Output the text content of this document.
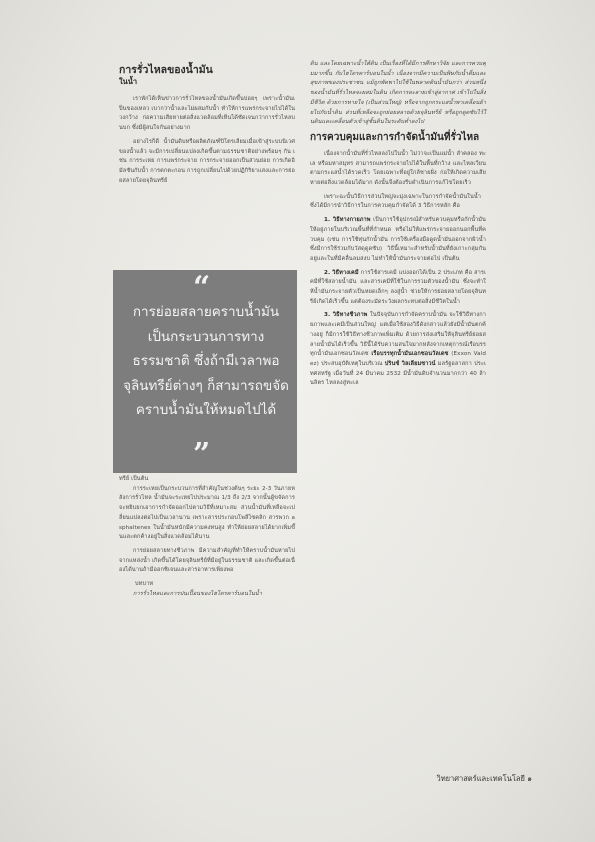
การรั่วไหลของน้ำมัน

ในน้ำ

เราพักได้เห็นข่าวการรั่วไหลของน้ำมันเกิดขึ้นบ่อยๆ เพราะน้ำมันเป็นของเหลว เบากว่าน้ำและไม่ผสมกับน้ำ ทำให้การแพร่กระจายไปได้ในวงกว้าง ก่อความเสียหายต่อสิ่งแวดล้อมที่เห็นได้ชัดเจนกว่าการรั่วไหลบนบก ซึ่งมีผู้สนใจกันอย่างมาก

อย่างไรก็ดี น้ำมันดิบหรือผลิตภัณฑ์ปิโตรเลียมเมื่อเข้าสู่ระบบนิเวศของน้ำแล้ว จะมีการเปลี่ยนแปลงเกิดขึ้นตามธรรมชาติอย่างพร้อมๆ กัน เช่น การระเหย การแพร่กระจาย การกระจายออกเป็นส่วนย่อย การเกิดอิมัลชันกับน้ำ การตกตะกอน การถูกเปลี่ยนไปด้วยปฏิกิริยาแสงและการย่อยสลายโดยจุลินทรีย์

“

การย่อยสลายคราบน้ำมันเป็นกระบวนการทางธรรมชาติ ซึ่งถ้ามีเวลาพอจุลินทรีย์ต่างๆ ก็สามารถขจัดคราบน้ำมันให้หมดไปได้

”

ทรีย์ เป็นต้น

การระเหยเป็นกระบวนการที่สำคัญในช่วงต้นๆ ระยะ 2-3 วันภายหลังการรั่วไหล น้ำมันจะระเหยไปประมาณ 1/3 ถึง 2/3 จากนั้นผู้ขจัดการจะหยิบยกเอาการกำจัดออกไปตามวิธีที่เหมาะสม ส่วนน้ำมันที่เหลือจะเปลี่ยนแปลงต่อไปเป็นเวลานาน เพราะสารประกอบโพลีไซคลิก สารพวก asphaltenes ในน้ำมันหนักมีความคงทนสูง ทำให้ย่อยสลายได้ยากเพิ่มขึ้นและตกค้างอยู่ในสิ่งแวดล้อมได้นาน

การย่อยสลายทางชีวภาพ มีความสำคัญที่ทำให้คราบน้ำมันหายไปจากแหล่งน้ำ เกิดขึ้นได้โดยจุลินทรีย์ที่มีอยู่ในธรรมชาติ และเกิดขึ้นต่อเนื่องได้นานถ้ามีออกซิเจนและสารอาหารเพียงพอ

บทบาท

การรั่วไหลและการปนเปื้อนของไฮโดรคาร์บอนในน้ำ

ดิน และโดยเฉพาะน้ำใต้ดิน เป็นเรื่องที่ได้มีการศึกษาวิจัย และการควบคุมมากขึ้น กับไฮโดรคาร์บอนในน้ำ เนื่องจากมีความเป็นพิษกับน้ำดื่มและสุขภาพของประชาชน แม้ถูกพัดพาไปใช้ในพลาดดินน้ำมันกว่า ส่วนหนึ่งของน้ำมันที่รั่วไหลจะผสมในดิน เกิดการละลายเข้าสู่อากาศ เข้าไปในสิ่งมีชีวิต ด้วยการหายใจ (เป็นส่วนใหญ่) หรือจากถูกกระแสน้ำพาเคลื่อนย้ายไปกับน้ำดิน ส่วนที่เหลือจะถูกย่อยสลายด้วยจุลินทรีย์ หรือถูกดูดซับไว้ในดินและเคลื่อนตัวเข้าสู่ชั้นดินในระดับต่ำลงไป

การควบคุมและการกำจัดน้ำมันที่รั่วไหล

เนื่องจากน้ำมันที่รั่วไหลลงไปในน้ำ ไม่ว่าจะเป็นแม่น้ำ ลำคลอง ทะเล หรือมหาสมุทร สามารถแพร่กระจายไปได้ในพื้นที่กว้าง และไหลเวียนตามกระแสน้ำได้รวดเร็ว โดยเฉพาะที่อยู่ใกล้ชายฝั่ง ก่อให้เกิดความเสียหายต่อสิ่งแวดล้อมได้มาก ดังนั้นจึงต้องรีบดำเนินการแก้ไขโดยเร็ว

เพราะฉะนั้นวิธีการส่วนใหญ่จะมุ่งเฉพาะในการกำจัดน้ำมันในน้ำ ซึ่งได้มีการนำวิธีการในการควบคุมกำจัดได้ 3 วิธีการหลัก คือ

1. วิธีทางกายภาพ เป็นการใช้อุปกรณ์สำหรับควบคุมหรือกักน้ำมันให้อยู่ภายในบริเวณพื้นที่ที่กำหนด หรือไม่ให้แพร่กระจายออกนอกพื้นที่ควบคุม (เช่น การใช้ทุ่นกักน้ำมัน การใช้เครื่องมือดูดน้ำมันออกจากผิวน้ำ ซึ่งมีการใช้ร่วมกับวัสดุดูดซับ) วิธีนี้เหมาะสำหรับน้ำมันที่ยังเกาะกลุ่มกันอยู่และในที่มีคลื่นลมสงบ ไม่ทำให้น้ำมันกระจายต่อไป เป็นต้น

2. วิธีทางเคมี การใช้สารเคมี แบ่งออกได้เป็น 2 ประเภท คือ สารเคมีที่ใช้สลายน้ำมัน และสารเคมีที่ใช้ในการรวมตัวของน้ำมัน ซึ่งจะทำให้น้ำมันกระจายตัวเป็นหยดเล็กๆ ลงสู่น้ำ ช่วยให้การย่อยสลายโดยจุลินทรีย์เกิดได้เร็วขึ้น แต่ต้องระมัดระวังผลกระทบต่อสิ่งมีชีวิตในน้ำ

3. วิธีทางชีวภาพ ในปัจจุบันการกำจัดคราบน้ำมัน จะใช้วิธีทางกายภาพและเคมีเป็นส่วนใหญ่ แต่เมื่อใช้สองวิธีดังกล่าวแล้วยังมีน้ำมันตกค้างอยู่ ก็มีการใช้วิธีทางชีวภาพเพิ่มเติม ด้วยการส่งเสริมให้จุลินทรีย์ย่อยสลายน้ำมันได้เร็วขึ้น วิธีนี้ได้รับความสนใจมากหลังจากเหตุการณ์เรือบรรทุกน้ำมันเอกซอนวัลเดซ เรือบรรทุกน้ำมันเอกซอนวัลเดซ (Exxon Valdez) ประสบอุบัติเหตุในบริเวณ ปรินซ์ วิลเลียมซาวน์ มลรัฐอลาสกา ประเทศสหรัฐ เมื่อวันที่ 24 มีนาคม 2532 มีน้ำมันดิบจำนวนมากกว่า 40 ล้านลิตร ไหลลงสู่ทะเล

วิทยาศาสตร์และเทคโนโลยี ๑
